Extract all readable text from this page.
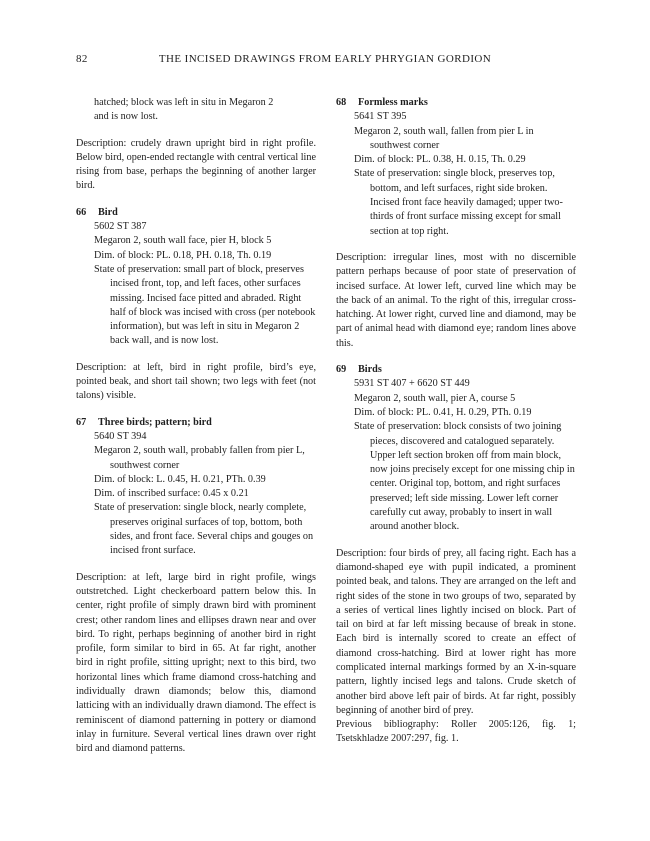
82	THE INCISED DRAWINGS FROM EARLY PHRYGIAN GORDION

hatched; block was left in situ in Megaron 2

and is now lost.

Description: crudely drawn upright bird in right profile. Below bird, open-ended rectangle with central vertical line rising from base, perhaps the beginning of another larger bird.

66 Bird

5602 ST 387

Megaron 2, south wall face, pier H, block 5

Dim. of block: PL. 0.18, PH. 0.18, Th. 0.19

State of preservation: small part of block, preserves incised front, top, and left faces, other surfaces missing. Incised face pitted and abraded. Right half of block was incised with cross (per notebook information), but was left in situ in Megaron 2 back wall, and is now lost.

Description: at left, bird in right profile, bird’s eye, pointed beak, and short tail shown; two legs with feet (not talons) visible.

67 Three birds; pattern; bird

5640 ST 394

Megaron 2, south wall, probably fallen from pier L, southwest corner

Dim. of block: L. 0.45, H. 0.21, PTh. 0.39

Dim. of inscribed surface: 0.45 x 0.21

State of preservation: single block, nearly complete, preserves original surfaces of top, bottom, both sides, and front face. Several chips and gouges on incised front surface.

Description: at left, large bird in right profile, wings outstretched. Light checkerboard pattern below this. In center, right profile of simply drawn bird with prominent crest; other random lines and ellipses drawn near and over bird. To right, perhaps beginning of another bird in right profile, form similar to bird in 65. At far right, another bird in right profile, sitting upright; next to this bird, two horizontal lines which frame diamond cross-hatching and individually drawn diamonds; below this, diamond latticing with an individually drawn diamond. The effect is reminiscent of diamond patterning in pottery or diamond inlay in furniture. Several vertical lines drawn over right bird and diamond patterns.

68 Formless marks

5641 ST 395

Megaron 2, south wall, fallen from pier L in southwest corner

Dim. of block: PL. 0.38, H. 0.15, Th. 0.29

State of preservation: single block, preserves top, bottom, and left surfaces, right side broken. Incised front face heavily damaged; upper two-thirds of front surface missing except for small section at top right.

Description: irregular lines, most with no discernible pattern perhaps because of poor state of preservation of incised surface. At lower left, curved line which may be the back of an animal. To the right of this, irregular cross-hatching. At lower right, curved line and diamond, may be part of animal head with diamond eye; random lines above this.

69 Birds

5931 ST 407 + 6620 ST 449

Megaron 2, south wall, pier A, course 5

Dim. of block: PL. 0.41, H. 0.29, PTh. 0.19

State of preservation: block consists of two joining pieces, discovered and catalogued separately. Upper left section broken off from main block, now joins precisely except for one missing chip in center. Original top, bottom, and right surfaces preserved; left side missing. Lower left corner carefully cut away, probably to insert in wall around another block.

Description: four birds of prey, all facing right. Each has a diamond-shaped eye with pupil indicated, a prominent pointed beak, and talons. They are arranged on the left and right sides of the stone in two groups of two, separated by a series of vertical lines lightly incised on block. Part of tail on bird at far left missing because of break in stone. Each bird is internally scored to create an effect of diamond cross-hatching. Bird at lower right has more complicated internal markings formed by an X-in-square pattern, lightly incised legs and talons. Crude sketch of another bird above left pair of birds. At far right, possibly beginning of another bird of prey.

Previous bibliography: Roller 2005:126, fig. 1; Tsetskhladze 2007:297, fig. 1.
